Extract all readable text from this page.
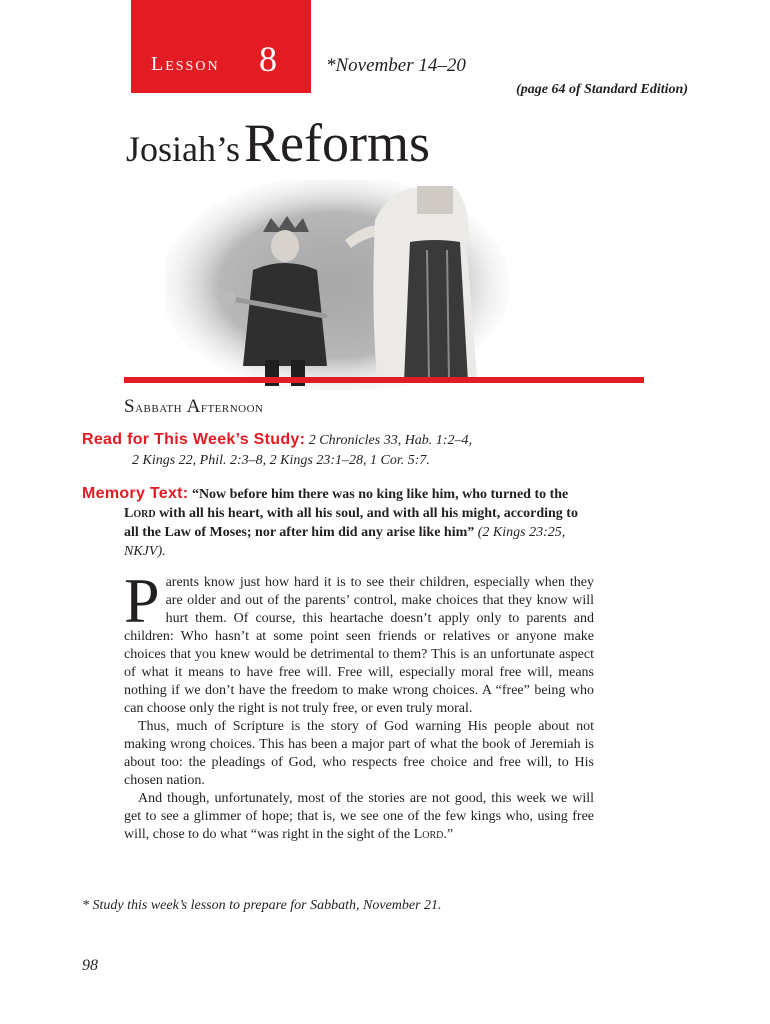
Lesson 8	*November 14–20
(page 64 of Standard Edition)
Josiah’s Reforms
Sabbath Afternoon
Read for This Week’s Study: 2 Chronicles 33, Hab. 1:2–4,
2 Kings 22, Phil. 2:3–8, 2 Kings 23:1–28, 1 Cor. 5:7.
Memory Text: “Now before him there was no king like him, who turned to the Lord with all his heart, with all his soul, and with all his might, according to all the Law of Moses; nor after him did any arise like him” (2 Kings 23:25, NKJV).

Parents know just how hard it is to see their children, especially when they are older and out of the parents’ control, make choices that they know will hurt them. Of course, this heartache doesn’t apply only to parents and children: Who hasn’t at some point seen friends or relatives or anyone make choices that you knew would be detrimental to them? This is an unfortunate aspect of what it means to have free will. Free will, especially moral free will, means nothing if we don’t have the freedom to make wrong choices. A “free” being who can choose only the right is not truly free, or even truly moral.

Thus, much of Scripture is the story of God warning His people about not making wrong choices. This has been a major part of what the book of Jeremiah is about too: the pleadings of God, who respects free choice and free will, to His chosen nation.

And though, unfortunately, most of the stories are not good, this week we will get to see a glimmer of hope; that is, we see one of the few kings who, using free will, chose to do what “was right in the sight of the Lord.”

* Study this week’s lesson to prepare for Sabbath, November 21.
98
